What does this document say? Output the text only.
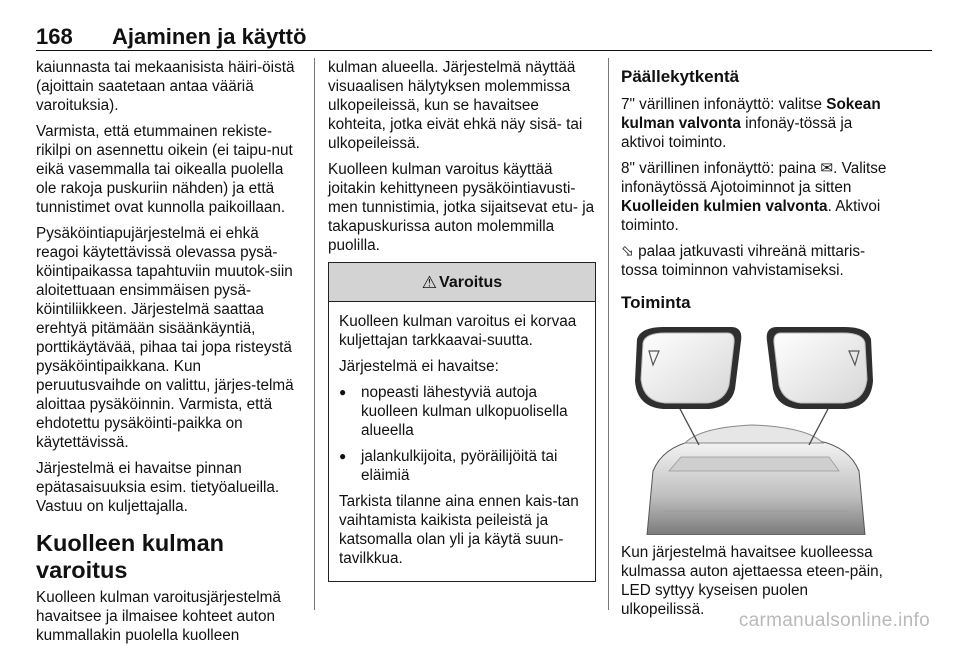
168 Ajaminen ja käyttö

kaiunnasta tai mekaanisista häiri-öistä (ajoittain saatetaan antaa vääriä varoituksia).

Varmista, että etummainen rekiste-rikilpi on asennettu oikein (ei taipu-nut eikä vasemmalla tai oikealla puolella ole rakoja puskuriin nähden) ja että tunnistimet ovat kunnolla paikoillaan.

Pysäköintiapujärjestelmä ei ehkä reagoi käytettävissä olevassa pysä-köintipaikassa tapahtuviin muutok-siin aloitettuaan ensimmäisen pysä-köintiliikkeen. Järjestelmä saattaa erehtyä pitämään sisäänkäyntiä, porttikäytävää, pihaa tai jopa risteystä pysäköintipaikkana. Kun peruutusvaihde on valittu, järjes-telmä aloittaa pysäköinnin. Varmista, että ehdotettu pysäköinti-paikka on käytettävissä.

Järjestelmä ei havaitse pinnan epätasaisuuksia esim. tietyöalueilla. Vastuu on kuljettajalla.

Kuolleen kulman varoitus

Kuolleen kulman varoitusjärjestelmä havaitsee ja ilmaisee kohteet auton kummallakin puolella kuolleen

kulman alueella. Järjestelmä näyttää visuaalisen hälytyksen molemmissa ulkopeileissä, kun se havaitsee kohteita, jotka eivät ehkä näy sisä- tai ulkopeileissä.

Kuolleen kulman varoitus käyttää joitakin kehittyneen pysäköintiavusti-men tunnistimia, jotka sijaitsevat etu- ja takapuskurissa auton molemmilla puolilla.

⚠ Varoitus

Kuolleen kulman varoitus ei korvaa kuljettajan tarkkaavai-suutta.

Järjestelmä ei havaitse:

● nopeasti lähestyviä autoja kuolleen kulman ulkopuolisella alueella
● jalankulkijoita, pyöräilijöitä tai eläimiä

Tarkista tilanne aina ennen kais-tan vaihtamista kaikista peileistä ja katsomalla olan yli ja käytä suun-tavilkkua.

Päällekytkentä

7" värillinen infonäyttö: valitse Sokean kulman valvonta infonäy-tössä ja aktivoi toiminto.

8" värillinen infonäyttö: paina ✉. Valitse infonäytössä Ajotoiminnot ja sitten Kuolleiden kulmien valvonta. Aktivoi toiminto.

⬂ palaa jatkuvasti vihreänä mittaris-tossa toiminnon vahvistamiseksi.

Toiminta

Kun järjestelmä havaitsee kuolleessa kulmassa auton ajettaessa eteen-päin, LED syttyy kyseisen puolen ulkopeilissä.

carmanualsonline.info
